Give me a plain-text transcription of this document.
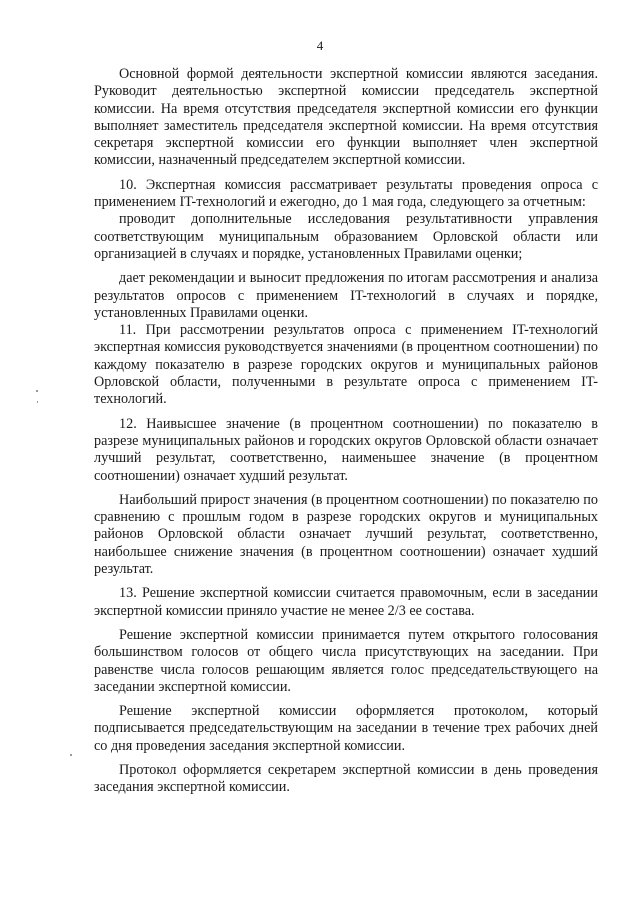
4

Основной формой деятельности экспертной комиссии являются заседания. Руководит деятельностью экспертной комиссии председатель экспертной комиссии. На время отсутствия председателя экспертной комиссии его функции выполняет заместитель председателя экспертной комиссии. На время отсутствия секретаря экспертной комиссии его функции выполняет член экспертной комиссии, назначенный председателем экспертной комиссии.

10. Экспертная комиссия рассматривает результаты проведения опроса с применением IT-технологий и ежегодно, до 1 мая года, следующего за отчетным:

проводит дополнительные исследования результативности управления соответствующим муниципальным образованием Орловской области или организацией в случаях и порядке, установленных Правилами оценки;

дает рекомендации и выносит предложения по итогам рассмотрения и анализа результатов опросов с применением IT-технологий в случаях и порядке, установленных Правилами оценки.

11. При рассмотрении результатов опроса с применением IT-технологий экспертная комиссия руководствуется значениями (в процентном соотношении) по каждому показателю в разрезе городских округов и муниципальных районов Орловской области, полученными в результате опроса с применением IT-технологий.

12. Наивысшее значение (в процентном соотношении) по показателю в разрезе муниципальных районов и городских округов Орловской области означает лучший результат, соответственно, наименьшее значение (в процентном соотношении) означает худший результат.

Наибольший прирост значения (в процентном соотношении) по показателю по сравнению с прошлым годом в разрезе городских округов и муниципальных районов Орловской области означает лучший результат, соответственно, наибольшее снижение значения (в процентном соотношении) означает худший результат.

13. Решение экспертной комиссии считается правомочным, если в заседании экспертной комиссии приняло участие не менее 2/3 ее состава.

Решение экспертной комиссии принимается путем открытого голосования большинством голосов от общего числа присутствующих на заседании. При равенстве числа голосов решающим является голос председательствующего на заседании экспертной комиссии.

Решение экспертной комиссии оформляется протоколом, который подписывается председательствующим на заседании в течение трех рабочих дней со дня проведения заседания экспертной комиссии.

Протокол оформляется секретарем экспертной комиссии в день проведения заседания экспертной комиссии.
